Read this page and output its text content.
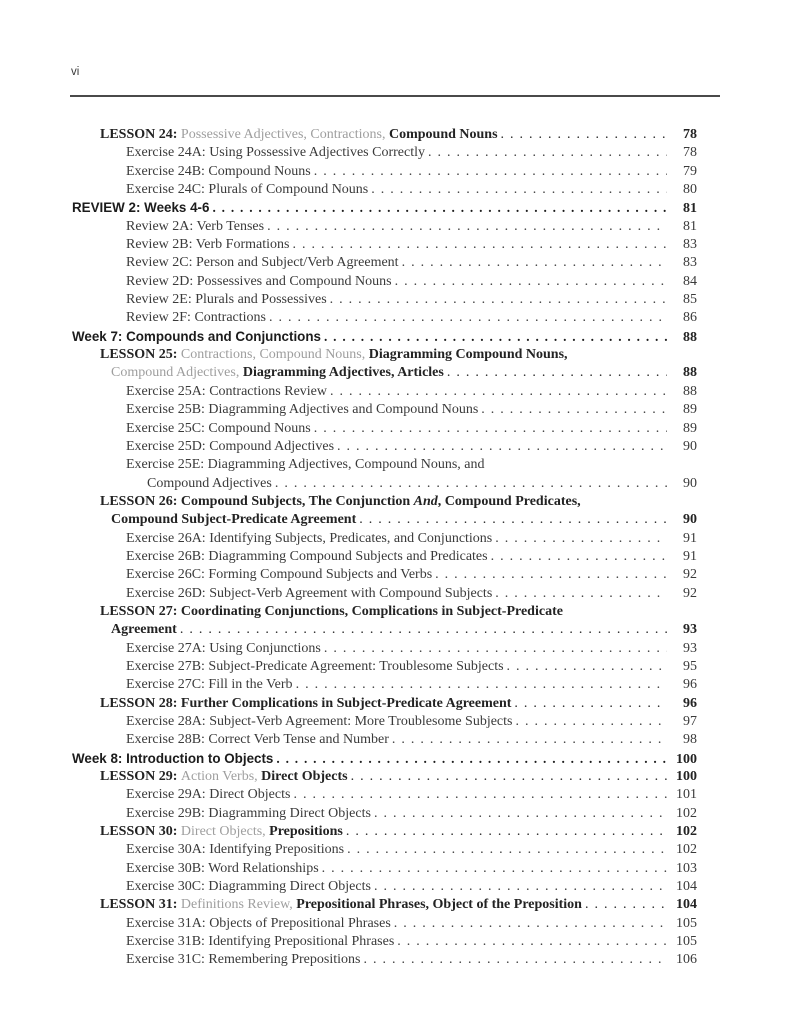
vi
LESSON 24: Possessive Adjectives, Contractions, Compound Nouns . . .	78
Exercise 24A: Using Possessive Adjectives Correctly . . .	78
Exercise 24B: Compound Nouns . . .	79
Exercise 24C: Plurals of Compound Nouns . . .	80
REVIEW 2: Weeks 4-6 . . .	81
Review 2A: Verb Tenses . . .	81
Review 2B: Verb Formations . . .	83
Review 2C: Person and Subject/Verb Agreement . . .	83
Review 2D: Possessives and Compound Nouns . . .	84
Review 2E: Plurals and Possessives . . .	85
Review 2F: Contractions . . .	86
Week 7: Compounds and Conjunctions . . .	88
LESSON 25: Contractions, Compound Nouns, Diagramming Compound Nouns,
Compound Adjectives, Diagramming Adjectives, Articles . . .	88
Exercise 25A: Contractions Review . . .	88
Exercise 25B: Diagramming Adjectives and Compound Nouns . . .	89
Exercise 25C: Compound Nouns . . .	89
Exercise 25D: Compound Adjectives . . .	90
Exercise 25E: Diagramming Adjectives, Compound Nouns, and
Compound Adjectives . . .	90
LESSON 26: Compound Subjects, The Conjunction And, Compound Predicates,
Compound Subject-Predicate Agreement . . .	90
Exercise 26A: Identifying Subjects, Predicates, and Conjunctions . . .	91
Exercise 26B: Diagramming Compound Subjects and Predicates . . .	91
Exercise 26C: Forming Compound Subjects and Verbs . . .	92
Exercise 26D: Subject-Verb Agreement with Compound Subjects . . .	92
LESSON 27: Coordinating Conjunctions, Complications in Subject-Predicate
Agreement . . .	93
Exercise 27A: Using Conjunctions . . .	93
Exercise 27B: Subject-Predicate Agreement: Troublesome Subjects . . .	95
Exercise 27C: Fill in the Verb . . .	96
LESSON 28: Further Complications in Subject-Predicate Agreement . . .	96
Exercise 28A: Subject-Verb Agreement: More Troublesome Subjects . . .	97
Exercise 28B: Correct Verb Tense and Number . . .	98
Week 8: Introduction to Objects . . .	100
LESSON 29: Action Verbs, Direct Objects . . .	100
Exercise 29A: Direct Objects . . .	101
Exercise 29B: Diagramming Direct Objects . . .	102
LESSON 30: Direct Objects, Prepositions . . .	102
Exercise 30A: Identifying Prepositions . . .	102
Exercise 30B: Word Relationships . . .	103
Exercise 30C: Diagramming Direct Objects . . .	104
LESSON 31: Definitions Review, Prepositional Phrases, Object of the Preposition . . .	104
Exercise 31A: Objects of Prepositional Phrases . . .	105
Exercise 31B: Identifying Prepositional Phrases . . .	105
Exercise 31C: Remembering Prepositions . . .	106
